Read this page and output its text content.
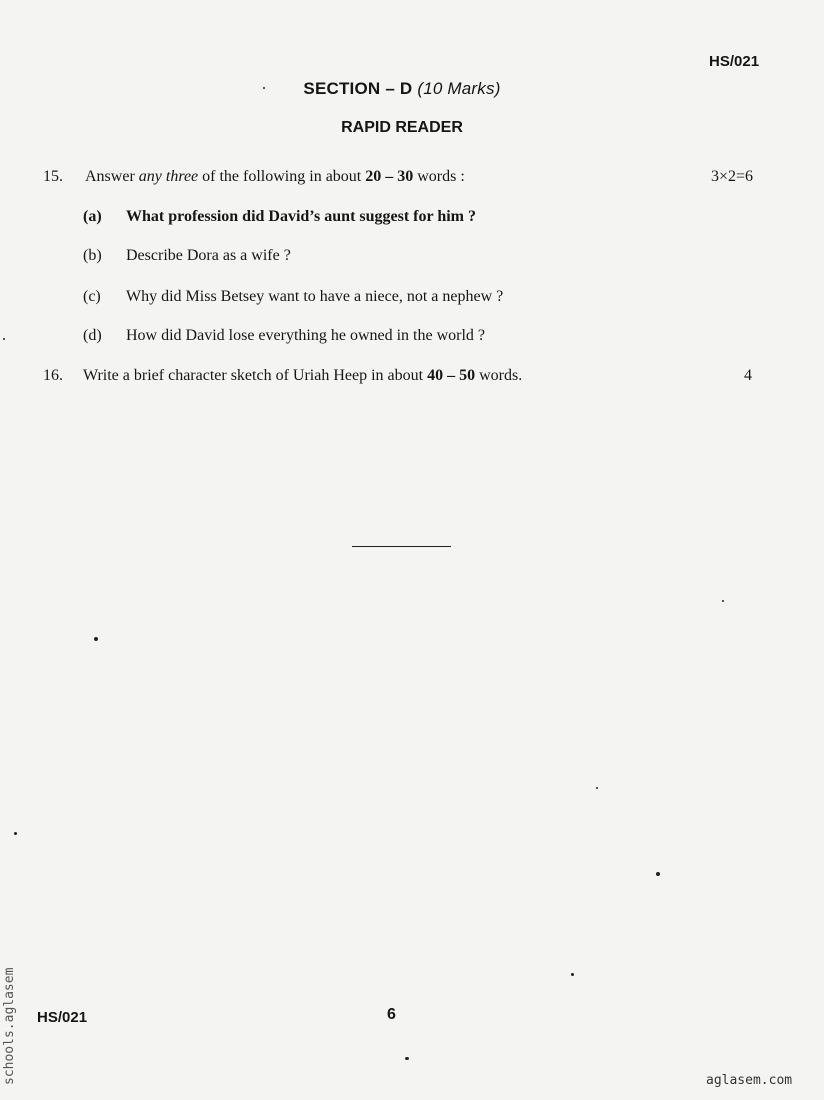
HS/021
SECTION – D (10 Marks)
RAPID READER
15. Answer any three of the following in about 20 – 30 words :	3×2=6
(a) What profession did David’s aunt suggest for him ?
(b) Describe Dora as a wife ?
(c) Why did Miss Betsey want to have a niece, not a nephew ?
(d) How did David lose everything he owned in the world ?
16. Write a brief character sketch of Uriah Heep in about 40 – 50 words.	4
HS/021	6
schools.aglasem	aglasem.com
